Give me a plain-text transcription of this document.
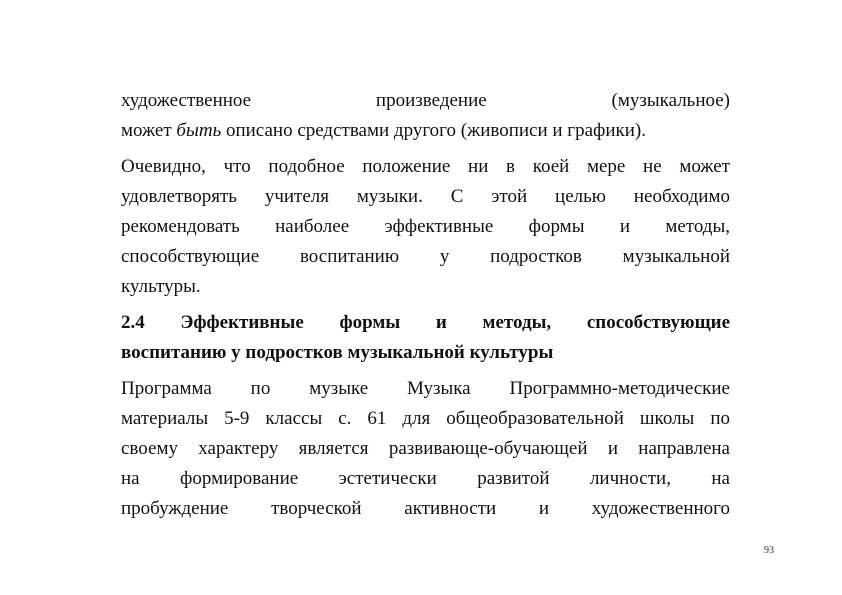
художественное произведение (музыкальное)
может быть описано средствами другого (живописи и графики).
Очевидно, что подобное положение ни в коей мере не может
удовлетворять учителя музыки. С этой целью необходимо
рекомендовать наиболее эффективные формы и методы,
способствующие воспитанию у подростков музыкальной
культуры.
2.4 Эффективные формы и методы, способствующие
воспитанию у подростков музыкальной культуры
Программа по музыке Музыка Программно-методические
материалы 5-9 классы с. 61 для общеобразовательной школы по
своему характеру является развивающе-обучающей и направлена
на формирование эстетически развитой личности, на
пробуждение творческой активности и художественного
93
